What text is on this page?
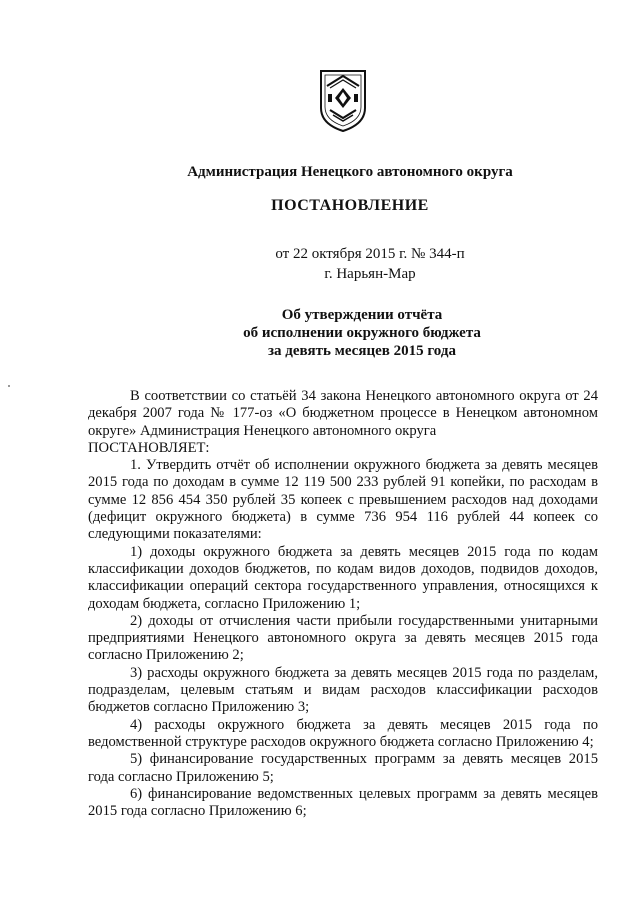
Администрация Ненецкого автономного округа

ПОСТАНОВЛЕНИЕ

от 22 октября 2015 г. № 344-п

г. Нарьян-Мар

Об утверждении отчёта
об исполнении окружного бюджета
за девять месяцев 2015 года

В соответствии со статьёй 34 закона Ненецкого автономного округа от 24 декабря 2007 года № 177-оз «О бюджетном процессе в Ненецком автономном округе» Администрация Ненецкого автономного округа

ПОСТАНОВЛЯЕТ:

1. Утвердить отчёт об исполнении окружного бюджета за девять месяцев 2015 года по доходам в сумме 12 119 500 233 рублей 91 копейки, по расходам в сумме 12 856 454 350 рублей 35 копеек с превышением расходов над доходами (дефицит окружного бюджета) в сумме 736 954 116 рублей 44 копеек со следующими показателями:

1) доходы окружного бюджета за девять месяцев 2015 года по кодам классификации доходов бюджетов, по кодам видов доходов, подвидов доходов, классификации операций сектора государственного управления, относящихся к доходам бюджета, согласно Приложению 1;

2) доходы от отчисления части прибыли государственными унитарными предприятиями Ненецкого автономного округа за девять месяцев 2015 года согласно Приложению 2;

3) расходы окружного бюджета за девять месяцев 2015 года по разделам, подразделам, целевым статьям и видам расходов классификации расходов бюджетов согласно Приложению 3;

4) расходы окружного бюджета за девять месяцев 2015 года по ведомственной структуре расходов окружного бюджета согласно Приложению 4;

5) финансирование государственных программ за девять месяцев 2015 года согласно Приложению 5;

6) финансирование ведомственных целевых программ за девять месяцев 2015 года согласно Приложению 6;
